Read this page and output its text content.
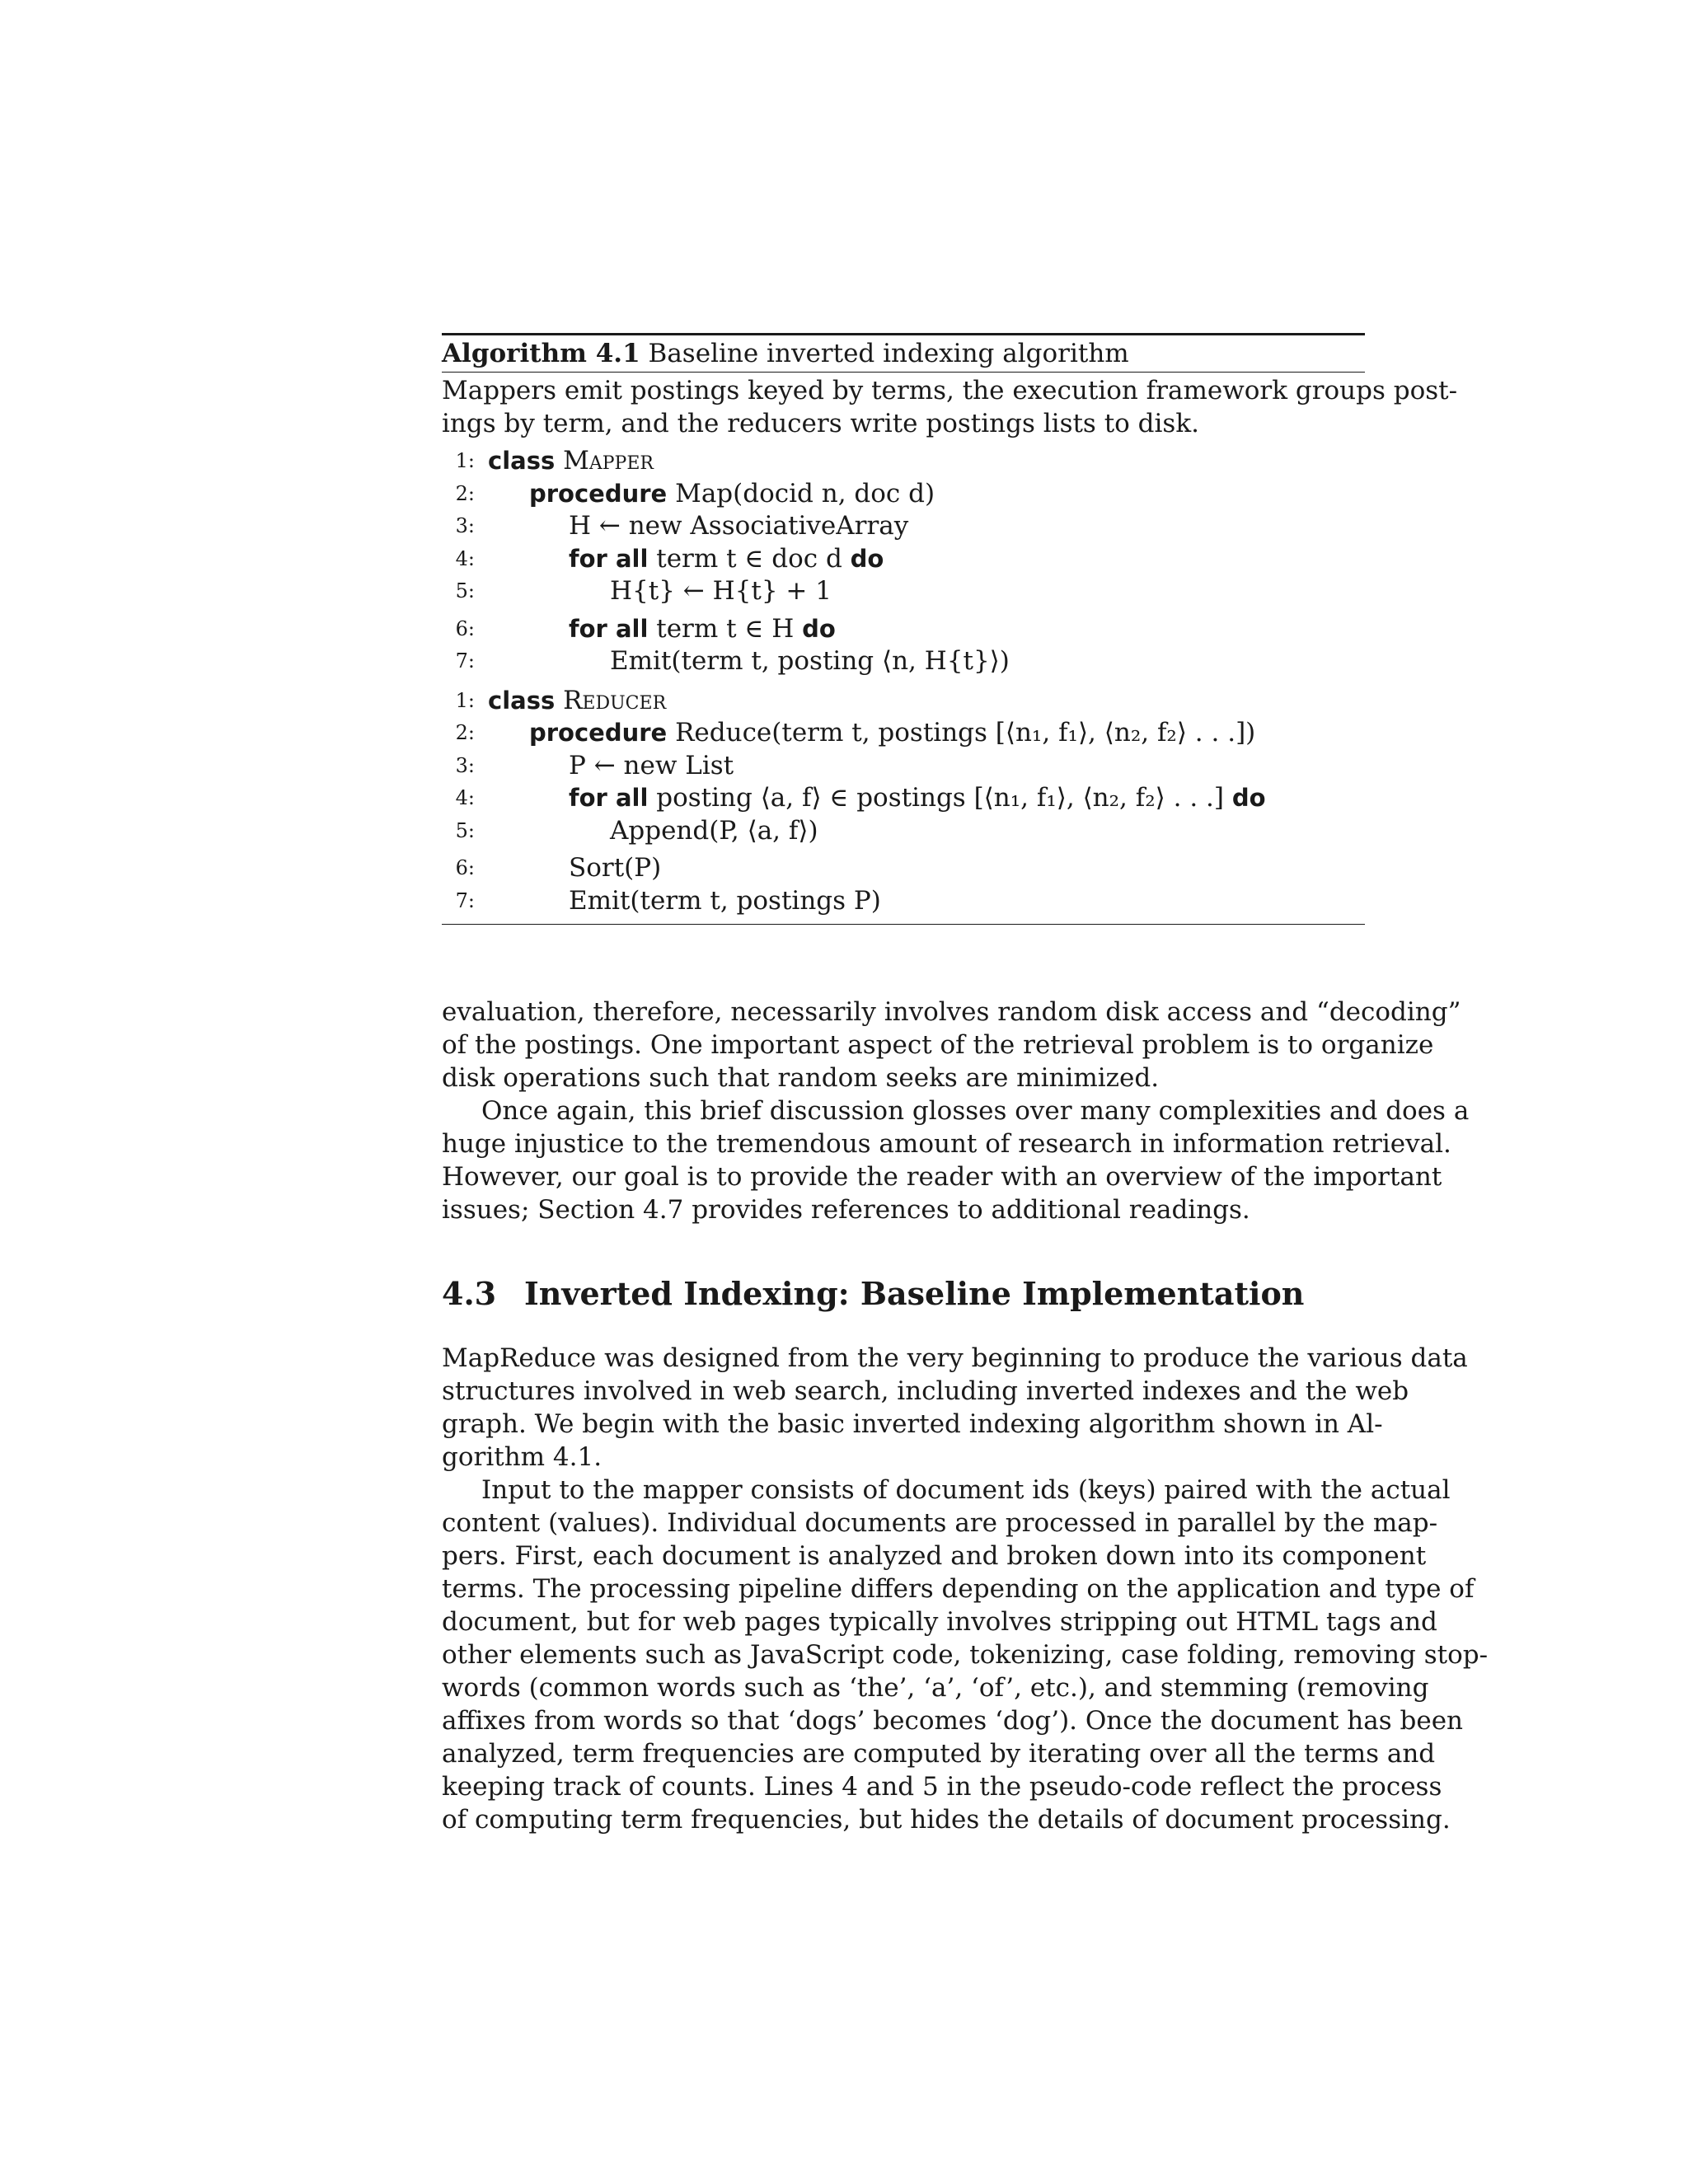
Algorithm 4.1 Baseline inverted indexing algorithm
Mappers emit postings keyed by terms, the execution framework groups post-
ings by term, and the reducers write postings lists to disk.
1: class Mapper
2: procedure Map(docid n, doc d)
3:	H ← new AssociativeArray
4:	for all term t ∈ doc d do
5:	H{t} ← H{t} + 1
6:	for all term t ∈ H do
7:	Emit(term t, posting ⟨n, H{t}⟩)
1: class Reducer
2: procedure Reduce(term t, postings [⟨n₁, f₁⟩, ⟨n₂, f₂⟩ . . .])
3:	P ← new List
4:	for all posting ⟨a, f⟩ ∈ postings [⟨n₁, f₁⟩, ⟨n₂, f₂⟩ . . .] do
5:	Append(P, ⟨a, f⟩)
6:	Sort(P)
7:	Emit(term t, postings P)
evaluation, therefore, necessarily involves random disk access and “decoding”
of the postings. One important aspect of the retrieval problem is to organize
disk operations such that random seeks are minimized.
Once again, this brief discussion glosses over many complexities and does a
huge injustice to the tremendous amount of research in information retrieval.
However, our goal is to provide the reader with an overview of the important
issues; Section 4.7 provides references to additional readings.
4.3 Inverted Indexing: Baseline Implementation
MapReduce was designed from the very beginning to produce the various data
structures involved in web search, including inverted indexes and the web
graph. We begin with the basic inverted indexing algorithm shown in Al-
gorithm 4.1.
Input to the mapper consists of document ids (keys) paired with the actual
content (values). Individual documents are processed in parallel by the map-
pers. First, each document is analyzed and broken down into its component
terms. The processing pipeline differs depending on the application and type of
document, but for web pages typically involves stripping out HTML tags and
other elements such as JavaScript code, tokenizing, case folding, removing stop-
words (common words such as ‘the’, ‘a’, ‘of’, etc.), and stemming (removing
affixes from words so that ‘dogs’ becomes ‘dog’). Once the document has been
analyzed, term frequencies are computed by iterating over all the terms and
keeping track of counts. Lines 4 and 5 in the pseudo-code reflect the process
of computing term frequencies, but hides the details of document processing.
